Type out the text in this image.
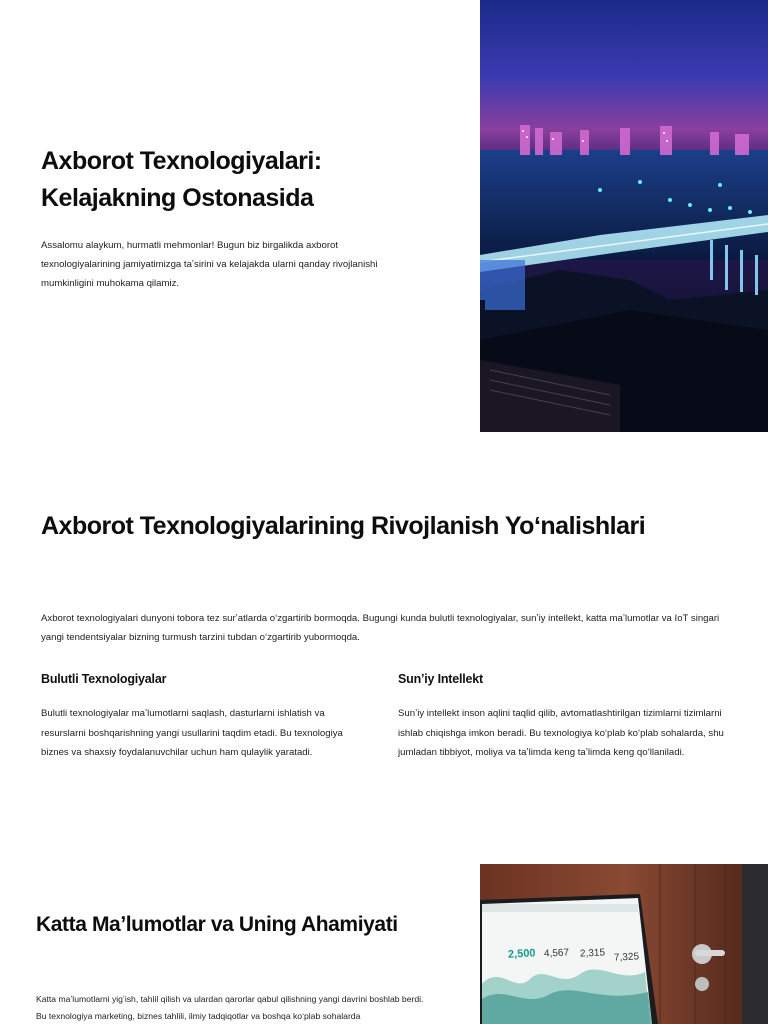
Axborot Texnologiyalari:
Kelajakning Ostonasida

Assalomu alaykum, hurmatli mehmonlar! Bugun biz birgalikda axborot texnologiyalarining jamiyatimizga taʼsirini va kelajakda ularni qanday rivojlanishi mumkinligini muhokama qilamiz.

Axborot Texnologiyalarining Rivojlanish Yoʻnalishlari

Axborot texnologiyalari dunyoni tobora tez surʼatlarda oʻzgartirib bormoqda. Bugungi kunda bulutli texnologiyalar, sunʼiy intellekt, katta maʼlumotlar va IoT singari yangi tendentsiyalar bizning turmush tarzini tubdan oʻzgartirib yubormoqda.

Bulutli Texnologiyalar

Bulutli texnologiyalar maʼlumotlarni saqlash, dasturlarni ishlatish va resurslarni boshqarishning yangi usullarini taqdim etadi. Bu texnologiya biznes va shaxsiy foydalanuvchilar uchun ham qulaylik yaratadi.

Sunʼiy Intellekt

Sunʼiy intellekt inson aqlini taqlid qilib, avtomatlashtirilgan tizimlarni tizimlarni ishlab chiqishga imkon beradi. Bu texnologiya koʻplab koʻplab sohalarda, shu jumladan tibbiyot, moliya va taʼlimda keng taʼlimda keng qoʻllaniladi.

Katta Maʼlumotlar va Uning Ahamiyati

Katta maʼlumotlarni yigʼish, tahlil qilish va ulardan qarorlar qabul qilishning yangi davrini boshlab berdi. Bu texnologiya marketing, biznes tahlili, ilmiy tadqiqotlar va boshqa koʻplab sohalarda

2,500 4,567 2,315 7,325
